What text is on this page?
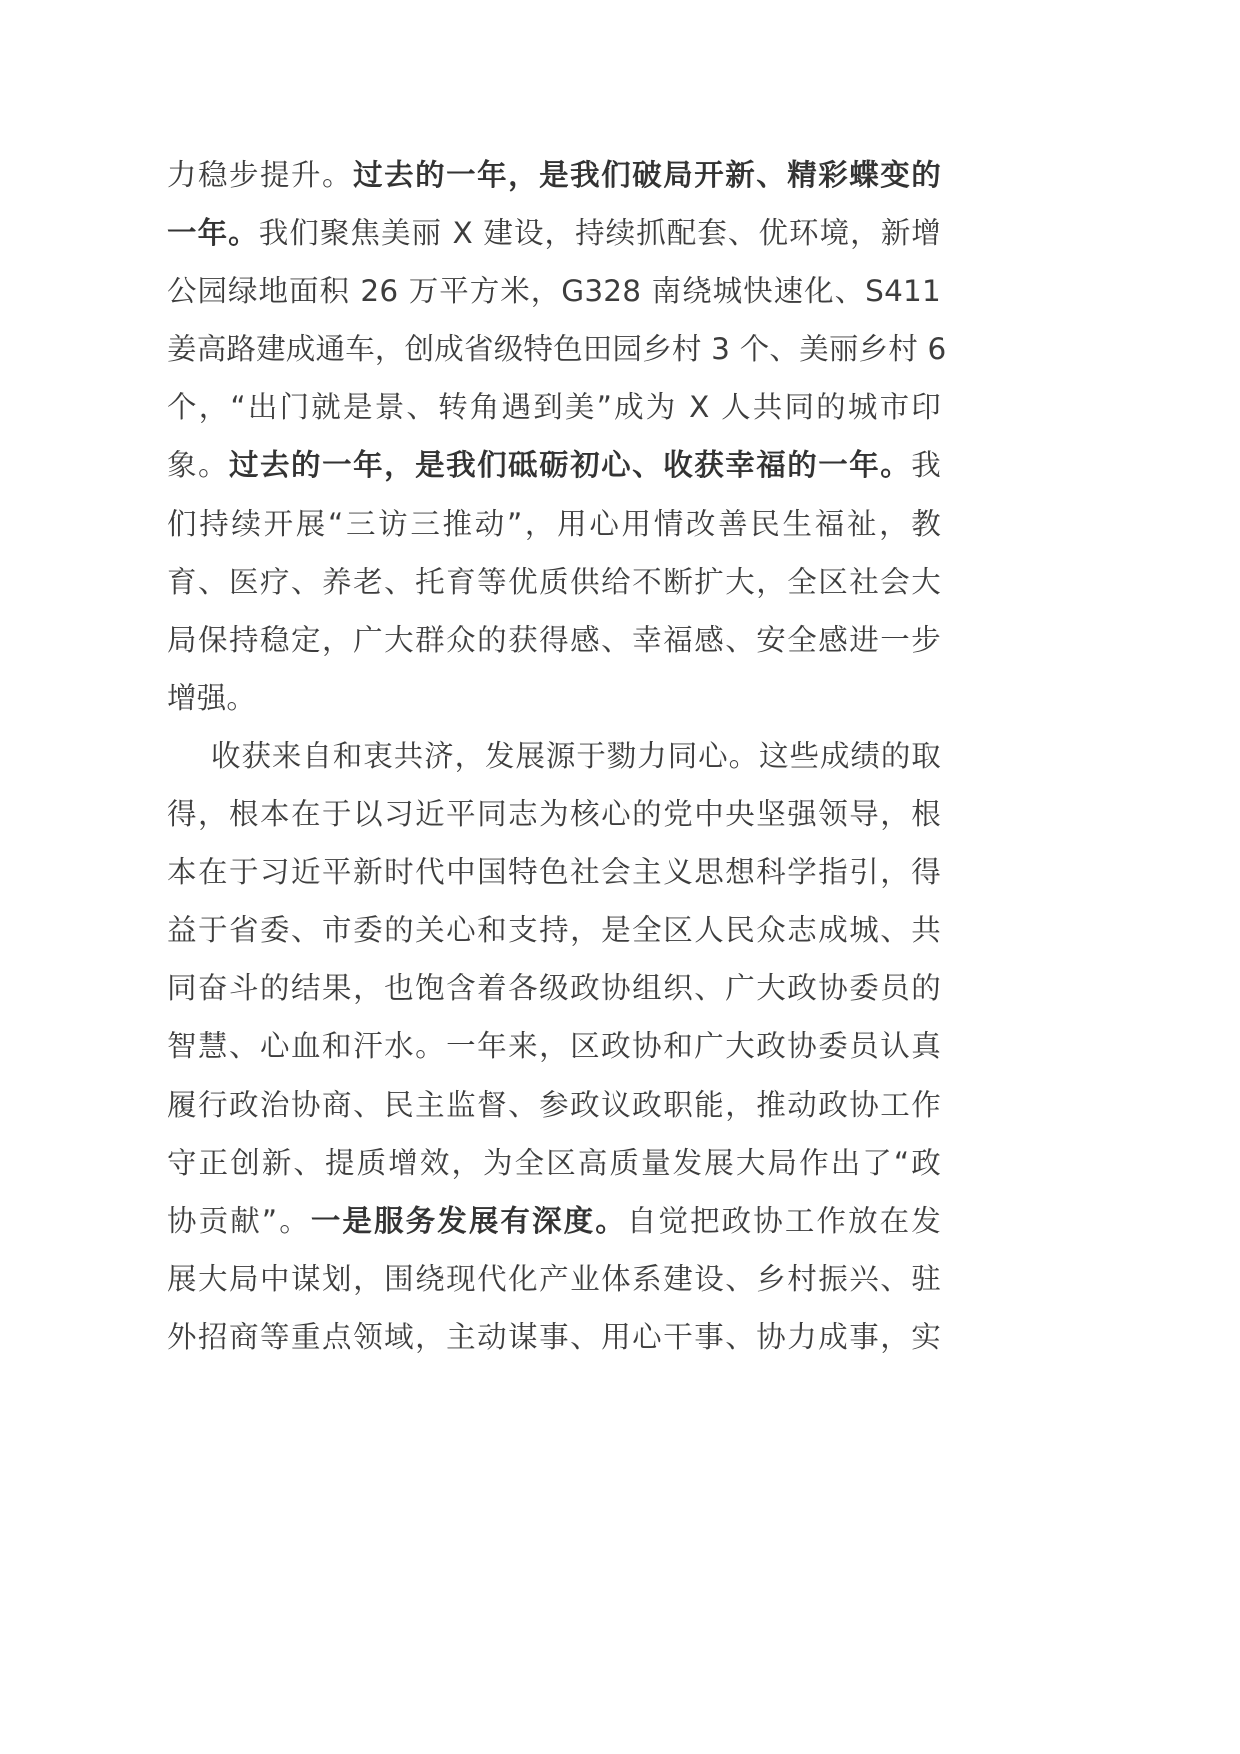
力稳步提升。过去的一年，是我们破局开新、精彩蝶变的
一年。我们聚焦美丽 X 建设，持续抓配套、优环境，新增
公园绿地面积 26 万平方米，G328 南绕城快速化、S411
姜高路建成通车，创成省级特色田园乡村 3 个、美丽乡村 6
个，“出门就是景、转角遇到美”成为 X 人共同的城市印
象。过去的一年，是我们砥砺初心、收获幸福的一年。我
们持续开展“三访三推动”，用心用情改善民生福祉，教
育、医疗、养老、托育等优质供给不断扩大，全区社会大
局保持稳定，广大群众的获得感、幸福感、安全感进一步
增强。
收获来自和衷共济，发展源于勠力同心。这些成绩的取
得，根本在于以习近平同志为核心的党中央坚强领导，根
本在于习近平新时代中国特色社会主义思想科学指引，得
益于省委、市委的关心和支持，是全区人民众志成城、共
同奋斗的结果，也饱含着各级政协组织、广大政协委员的
智慧、心血和汗水。一年来，区政协和广大政协委员认真
履行政治协商、民主监督、参政议政职能，推动政协工作
守正创新、提质增效，为全区高质量发展大局作出了“政
协贡献”。一是服务发展有深度。自觉把政协工作放在发
展大局中谋划，围绕现代化产业体系建设、乡村振兴、驻
外招商等重点领域，主动谋事、用心干事、协力成事，实
